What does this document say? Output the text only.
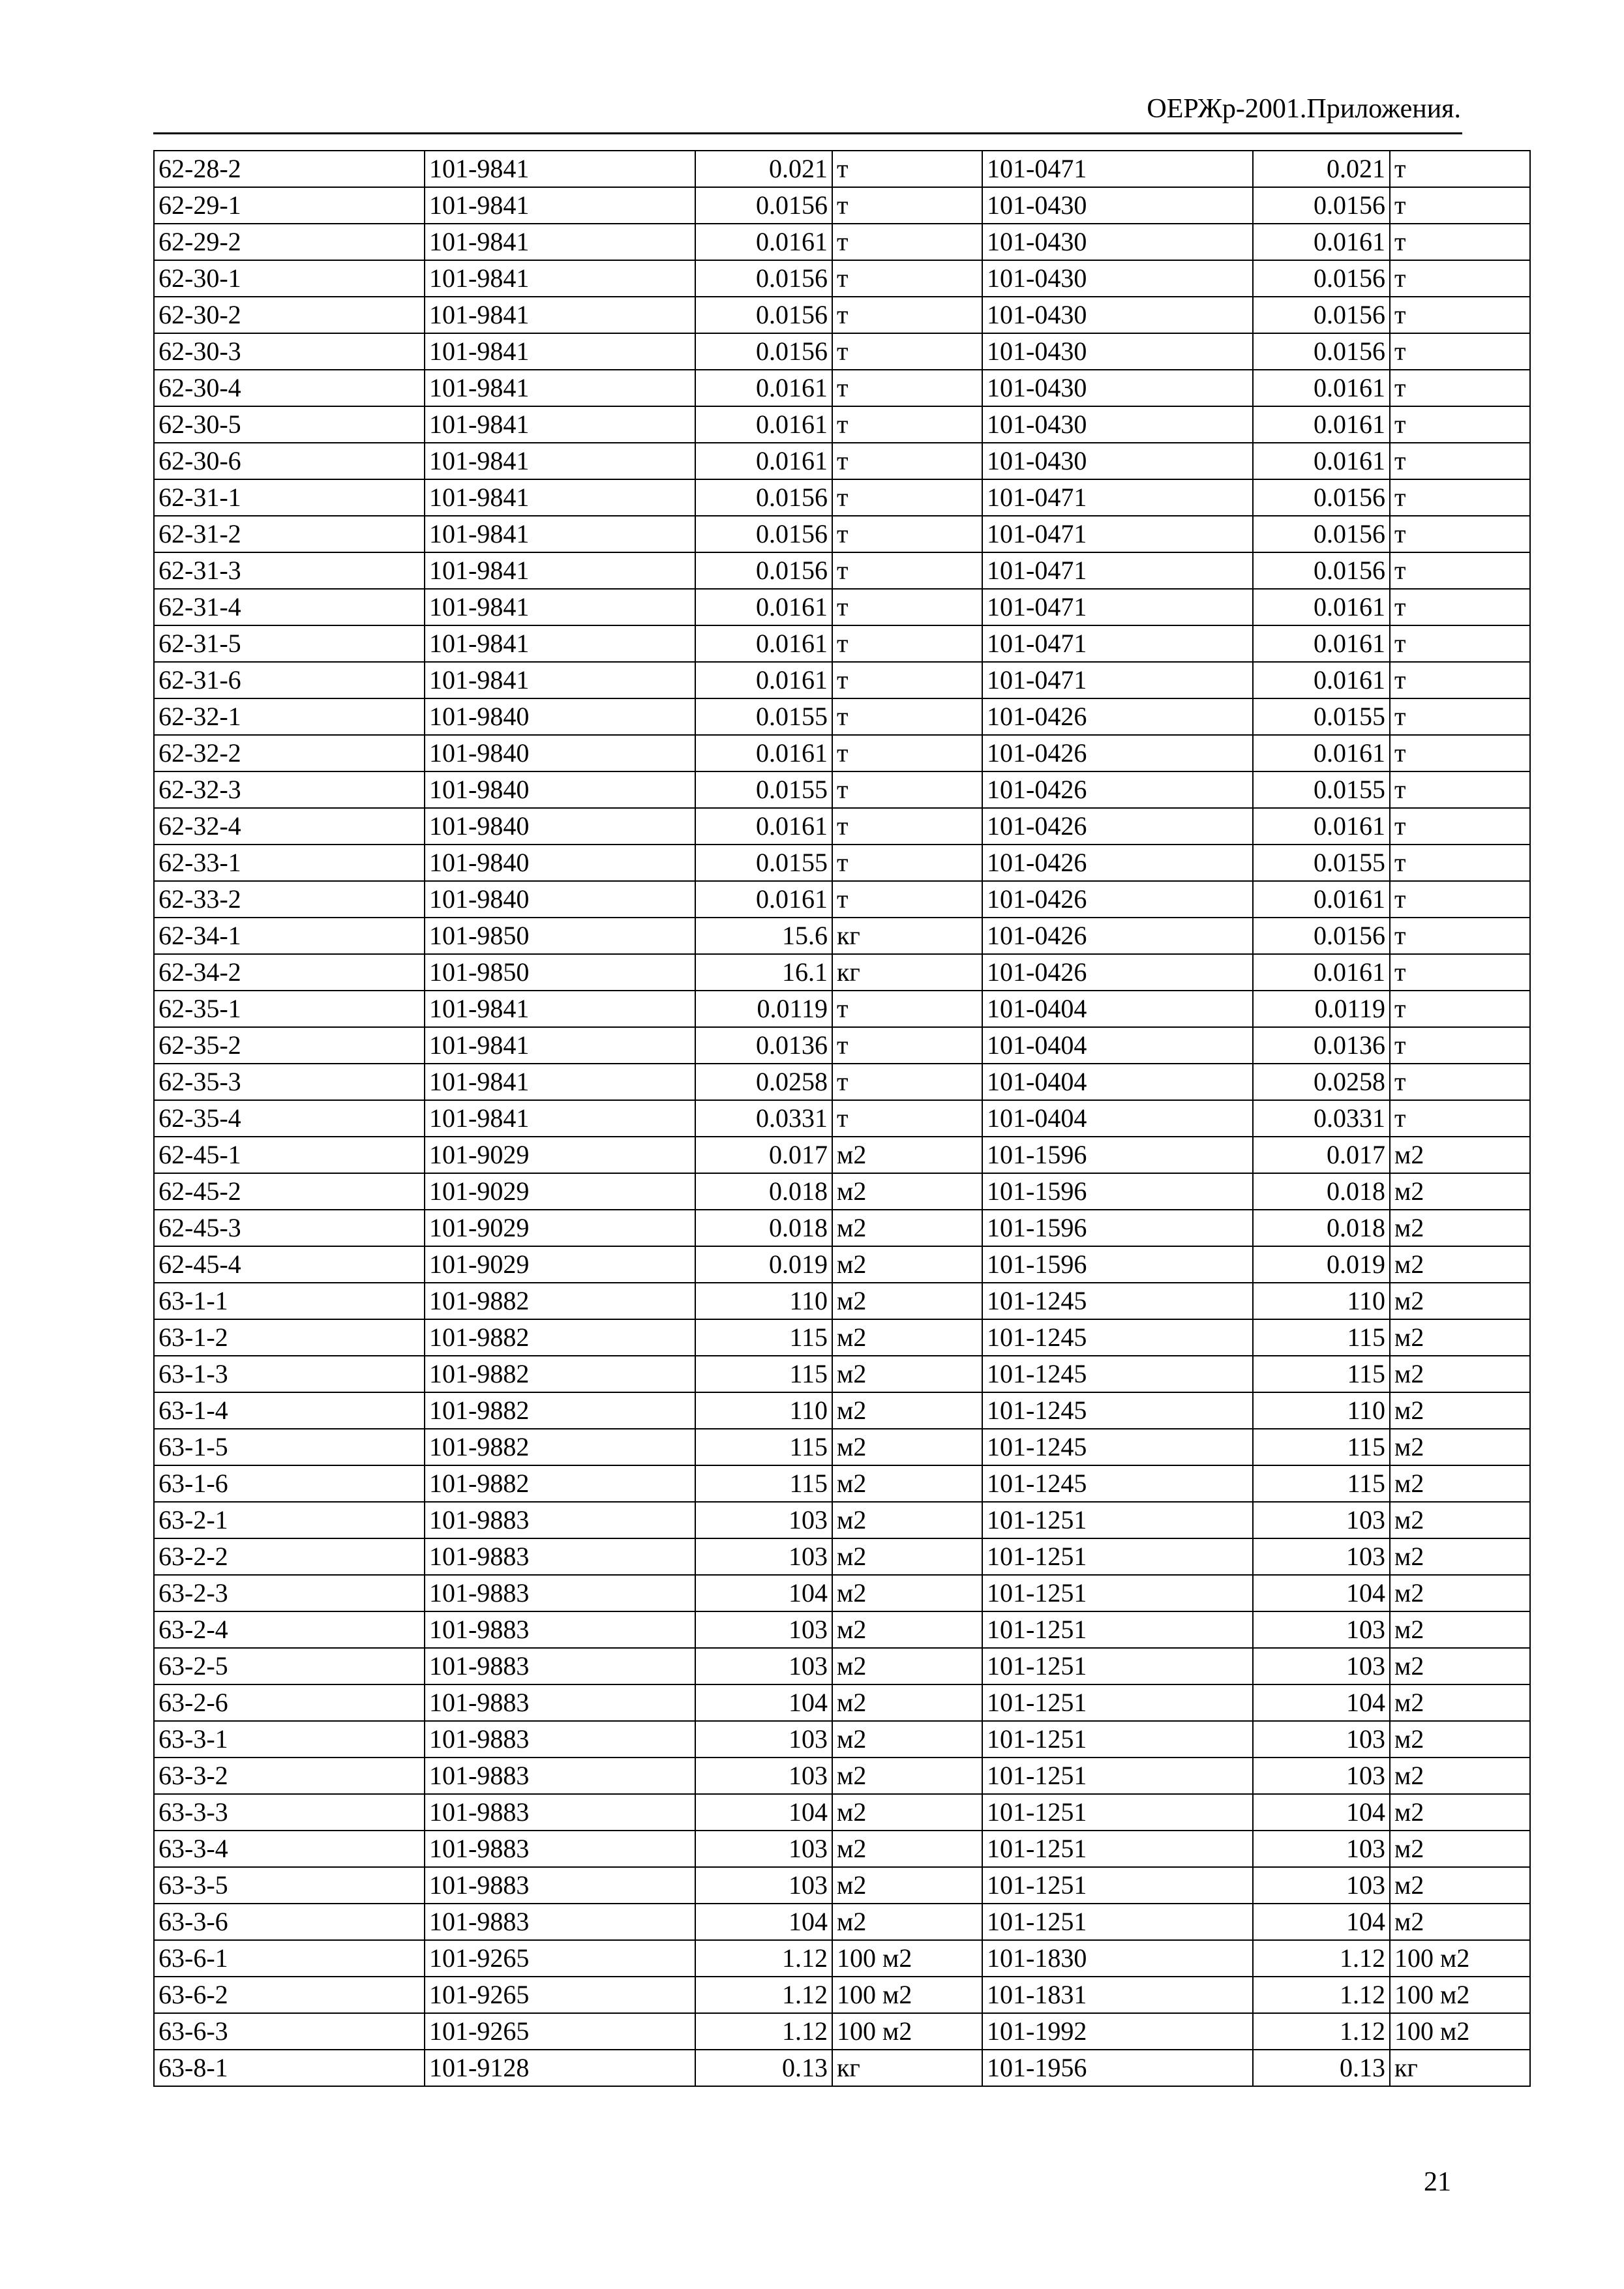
ОЕРЖр-2001.Приложения.
62-28-2	101-9841	0.021	т	101-0471	0.021	т
62-29-1	101-9841	0.0156	т	101-0430	0.0156	т
62-29-2	101-9841	0.0161	т	101-0430	0.0161	т
62-30-1	101-9841	0.0156	т	101-0430	0.0156	т
62-30-2	101-9841	0.0156	т	101-0430	0.0156	т
62-30-3	101-9841	0.0156	т	101-0430	0.0156	т
62-30-4	101-9841	0.0161	т	101-0430	0.0161	т
62-30-5	101-9841	0.0161	т	101-0430	0.0161	т
62-30-6	101-9841	0.0161	т	101-0430	0.0161	т
62-31-1	101-9841	0.0156	т	101-0471	0.0156	т
62-31-2	101-9841	0.0156	т	101-0471	0.0156	т
62-31-3	101-9841	0.0156	т	101-0471	0.0156	т
62-31-4	101-9841	0.0161	т	101-0471	0.0161	т
62-31-5	101-9841	0.0161	т	101-0471	0.0161	т
62-31-6	101-9841	0.0161	т	101-0471	0.0161	т
62-32-1	101-9840	0.0155	т	101-0426	0.0155	т
62-32-2	101-9840	0.0161	т	101-0426	0.0161	т
62-32-3	101-9840	0.0155	т	101-0426	0.0155	т
62-32-4	101-9840	0.0161	т	101-0426	0.0161	т
62-33-1	101-9840	0.0155	т	101-0426	0.0155	т
62-33-2	101-9840	0.0161	т	101-0426	0.0161	т
62-34-1	101-9850	15.6	кг	101-0426	0.0156	т
62-34-2	101-9850	16.1	кг	101-0426	0.0161	т
62-35-1	101-9841	0.0119	т	101-0404	0.0119	т
62-35-2	101-9841	0.0136	т	101-0404	0.0136	т
62-35-3	101-9841	0.0258	т	101-0404	0.0258	т
62-35-4	101-9841	0.0331	т	101-0404	0.0331	т
62-45-1	101-9029	0.017	м2	101-1596	0.017	м2
62-45-2	101-9029	0.018	м2	101-1596	0.018	м2
62-45-3	101-9029	0.018	м2	101-1596	0.018	м2
62-45-4	101-9029	0.019	м2	101-1596	0.019	м2
63-1-1	101-9882	110	м2	101-1245	110	м2
63-1-2	101-9882	115	м2	101-1245	115	м2
63-1-3	101-9882	115	м2	101-1245	115	м2
63-1-4	101-9882	110	м2	101-1245	110	м2
63-1-5	101-9882	115	м2	101-1245	115	м2
63-1-6	101-9882	115	м2	101-1245	115	м2
63-2-1	101-9883	103	м2	101-1251	103	м2
63-2-2	101-9883	103	м2	101-1251	103	м2
63-2-3	101-9883	104	м2	101-1251	104	м2
63-2-4	101-9883	103	м2	101-1251	103	м2
63-2-5	101-9883	103	м2	101-1251	103	м2
63-2-6	101-9883	104	м2	101-1251	104	м2
63-3-1	101-9883	103	м2	101-1251	103	м2
63-3-2	101-9883	103	м2	101-1251	103	м2
63-3-3	101-9883	104	м2	101-1251	104	м2
63-3-4	101-9883	103	м2	101-1251	103	м2
63-3-5	101-9883	103	м2	101-1251	103	м2
63-3-6	101-9883	104	м2	101-1251	104	м2
63-6-1	101-9265	1.12	100 м2	101-1830	1.12	100 м2
63-6-2	101-9265	1.12	100 м2	101-1831	1.12	100 м2
63-6-3	101-9265	1.12	100 м2	101-1992	1.12	100 м2
63-8-1	101-9128	0.13	кг	101-1956	0.13	кг
21
